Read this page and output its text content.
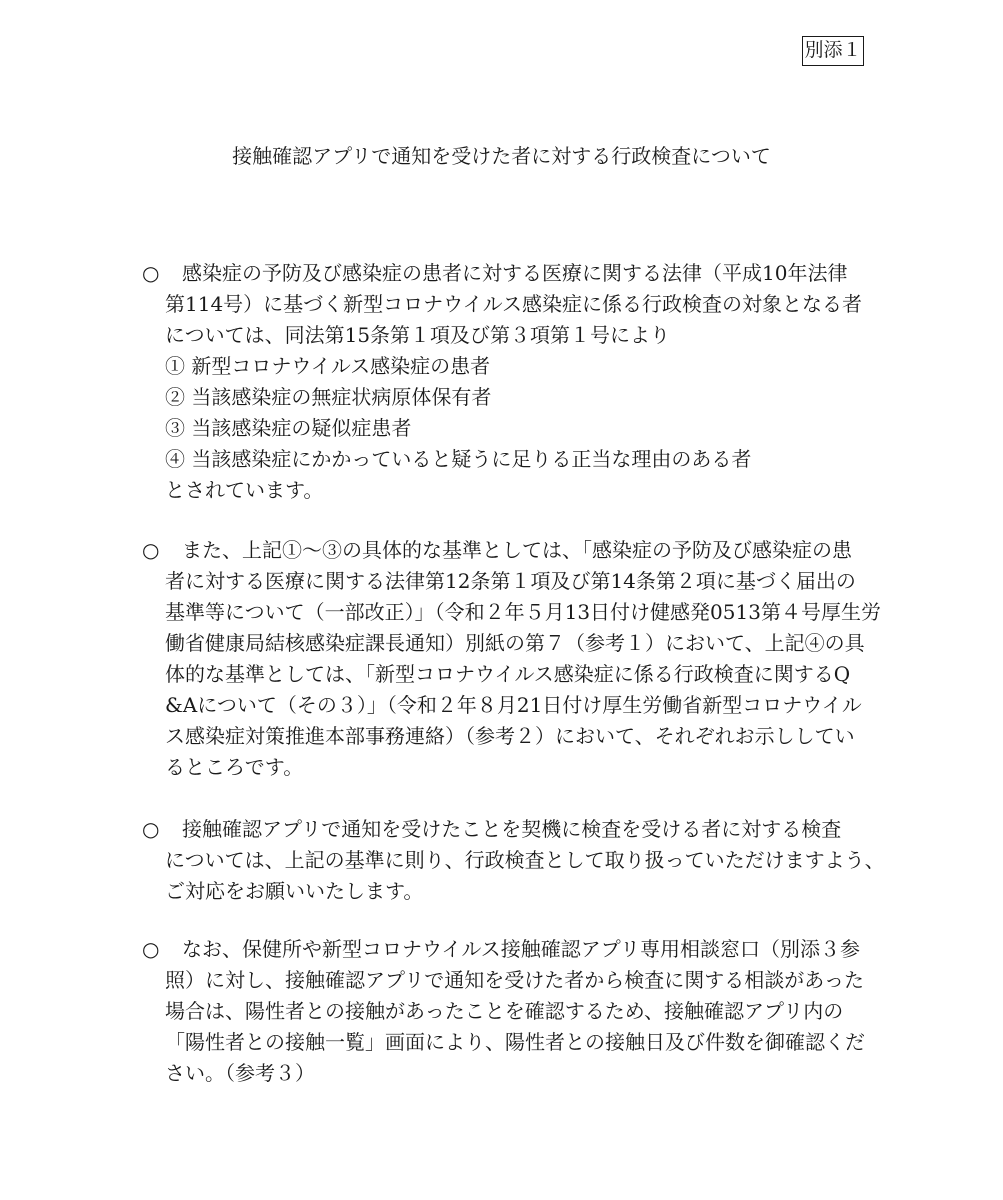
別添１
接触確認アプリで通知を受けた者に対する行政検査について
○ 感染症の予防及び感染症の患者に対する医療に関する法律（平成10年法律
第114号）に基づく新型コロナウイルス感染症に係る行政検査の対象となる者
については、同法第15条第１項及び第３項第１号により
① 新型コロナウイルス感染症の患者
② 当該感染症の無症状病原体保有者
③ 当該感染症の疑似症患者
④ 当該感染症にかかっていると疑うに足りる正当な理由のある者
とされています。
○ また、上記①〜③の具体的な基準としては、「感染症の予防及び感染症の患
者に対する医療に関する法律第12条第１項及び第14条第２項に基づく届出の
基準等について（一部改正）」（令和２年５月13日付け健感発0513第４号厚生労
働省健康局結核感染症課長通知）別紙の第７（参考１）において、上記④の具
体的な基準としては、「新型コロナウイルス感染症に係る行政検査に関するQ
&Aについて（その３）」（令和２年８月21日付け厚生労働省新型コロナウイル
ス感染症対策推進本部事務連絡）（参考２）において、それぞれお示ししてい
るところです。
○ 接触確認アプリで通知を受けたことを契機に検査を受ける者に対する検査
については、上記の基準に則り、行政検査として取り扱っていただけますよう、
ご対応をお願いいたします。
○ なお、保健所や新型コロナウイルス接触確認アプリ専用相談窓口（別添３参
照）に対し、接触確認アプリで通知を受けた者から検査に関する相談があった
場合は、陽性者との接触があったことを確認するため、接触確認アプリ内の
「陽性者との接触一覧」画面により、陽性者との接触日及び件数を御確認くだ
さい。（参考３）
